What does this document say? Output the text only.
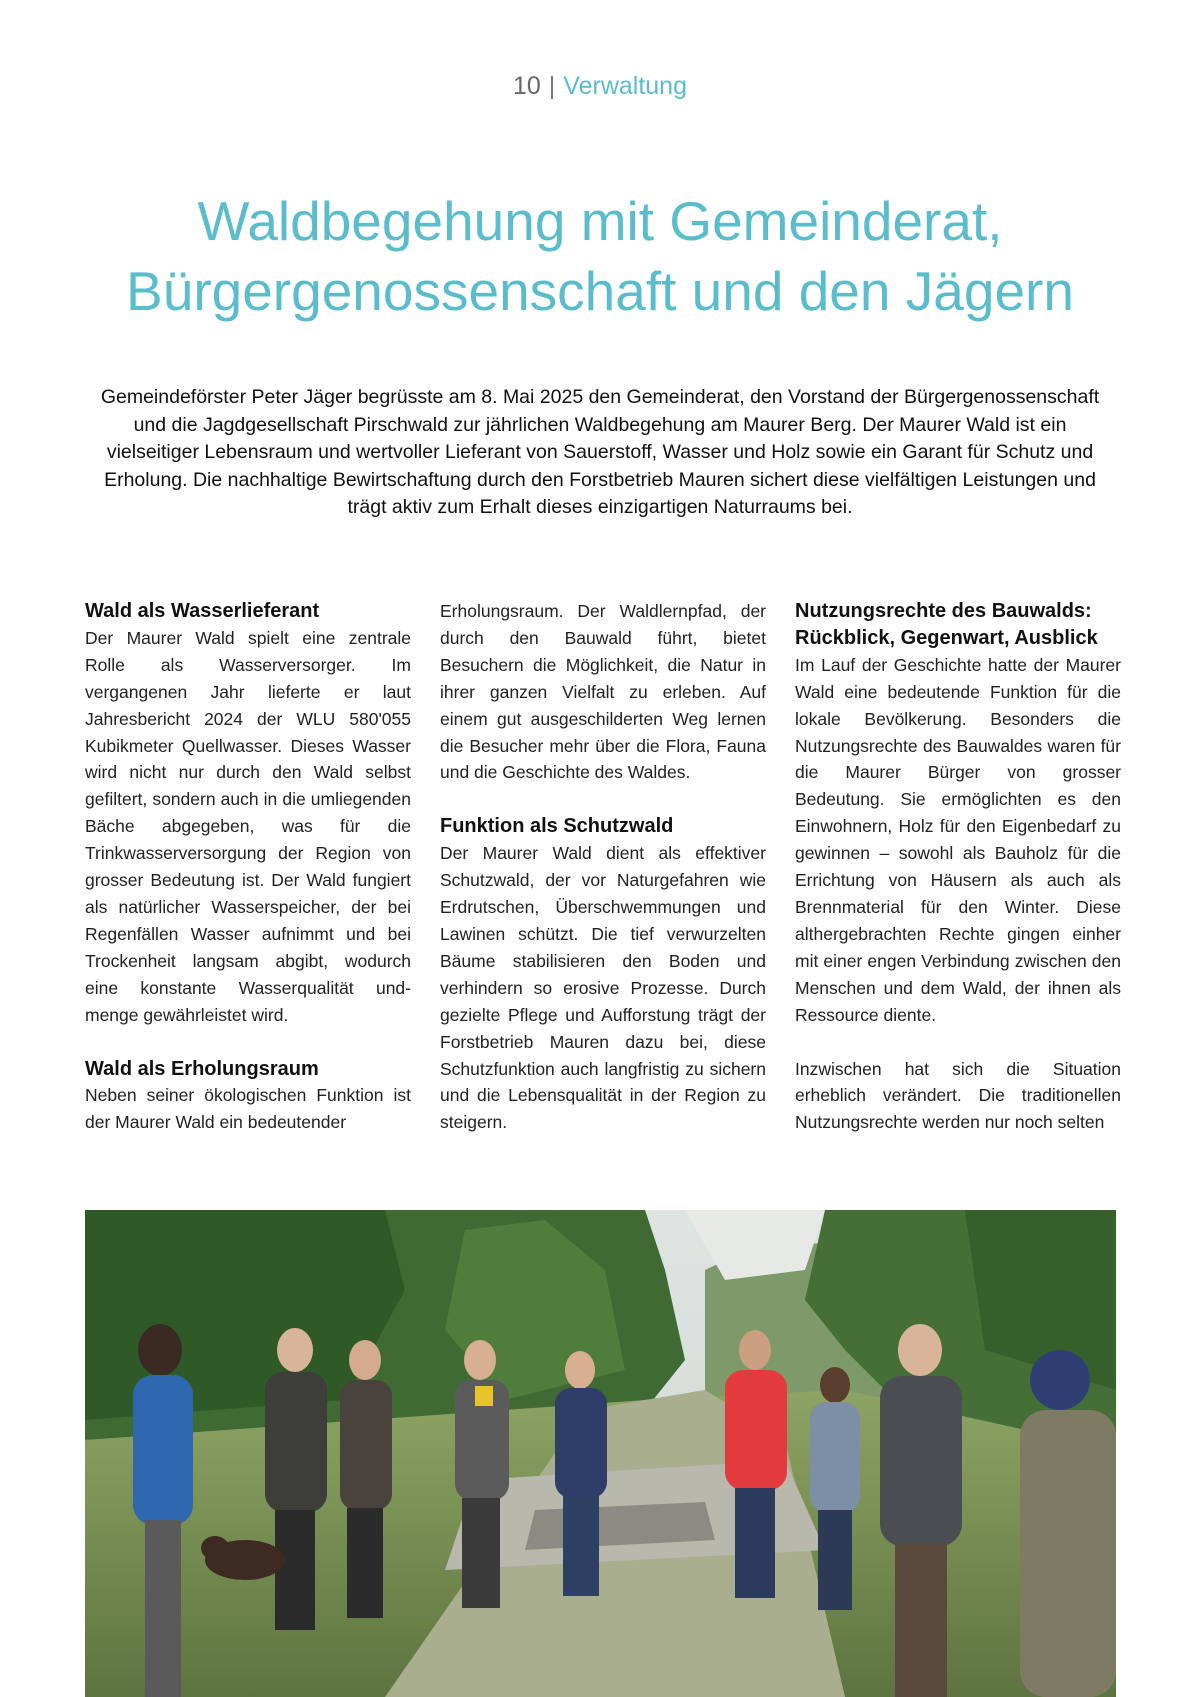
10 | Verwaltung
Waldbegehung mit Gemeinderat,
Bürgergenossenschaft und den Jägern

Gemeindeförster Peter Jäger begrüsste am 8. Mai 2025 den Gemeinderat, den Vorstand der Bürgergenossenschaft und die Jagdgesellschaft Pirschwald zur jährlichen Waldbegehung am Maurer Berg. Der Maurer Wald ist ein vielseitiger Lebensraum und wertvoller Lieferant von Sauerstoff, Wasser und Holz sowie ein Garant für Schutz und Erholung. Die nachhaltige Bewirtschaftung durch den Forstbetrieb Mauren sichert diese vielfältigen Leistungen und trägt aktiv zum Erhalt dieses einzigartigen Naturraums bei.

Wald als Wasserlieferant

Der Maurer Wald spielt eine zentrale Rolle als Wasserversorger. Im vergangenen Jahr lieferte er laut Jahresbericht 2024 der WLU 580'055 Kubikmeter Quellwasser. Dieses Wasser wird nicht nur durch den Wald selbst gefiltert, sondern auch in die umliegenden Bäche abgegeben, was für die Trinkwasserversorgung der Region von grosser Bedeutung ist. Der Wald fungiert als natürlicher Wasserspeicher, der bei Regenfällen Wasser aufnimmt und bei Trockenheit langsam abgibt, wodurch eine konstante Wasserqualität und-menge gewährleistet wird.

Wald als Erholungsraum

Neben seiner ökologischen Funktion ist der Maurer Wald ein bedeutender

Erholungsraum. Der Waldlernpfad, der durch den Bauwald führt, bietet Besuchern die Möglichkeit, die Natur in ihrer ganzen Vielfalt zu erleben. Auf einem gut ausgeschilderten Weg lernen die Besucher mehr über die Flora, Fauna und die Geschichte des Waldes.

Funktion als Schutzwald

Der Maurer Wald dient als effektiver Schutzwald, der vor Naturgefahren wie Erdrutschen, Überschwemmungen und Lawinen schützt. Die tief verwurzelten Bäume stabilisieren den Boden und verhindern so erosive Prozesse. Durch gezielte Pflege und Aufforstung trägt der Forstbetrieb Mauren dazu bei, diese Schutzfunktion auch langfristig zu sichern und die Lebensqualität in der Region zu steigern.

Nutzungsrechte des Bauwalds:
Rückblick, Gegenwart, Ausblick

Im Lauf der Geschichte hatte der Maurer Wald eine bedeutende Funktion für die lokale Bevölkerung. Besonders die Nutzungsrechte des Bauwaldes waren für die Maurer Bürger von grosser Bedeutung. Sie ermöglichten es den Einwohnern, Holz für den Eigenbedarf zu gewinnen – sowohl als Bauholz für die Errichtung von Häusern als auch als Brennmaterial für den Winter. Diese althergebrachten Rechte gingen einher mit einer engen Verbindung zwischen den Menschen und dem Wald, der ihnen als Ressource diente.

Inzwischen hat sich die Situation erheblich verändert. Die traditionellen Nutzungsrechte werden nur noch selten
